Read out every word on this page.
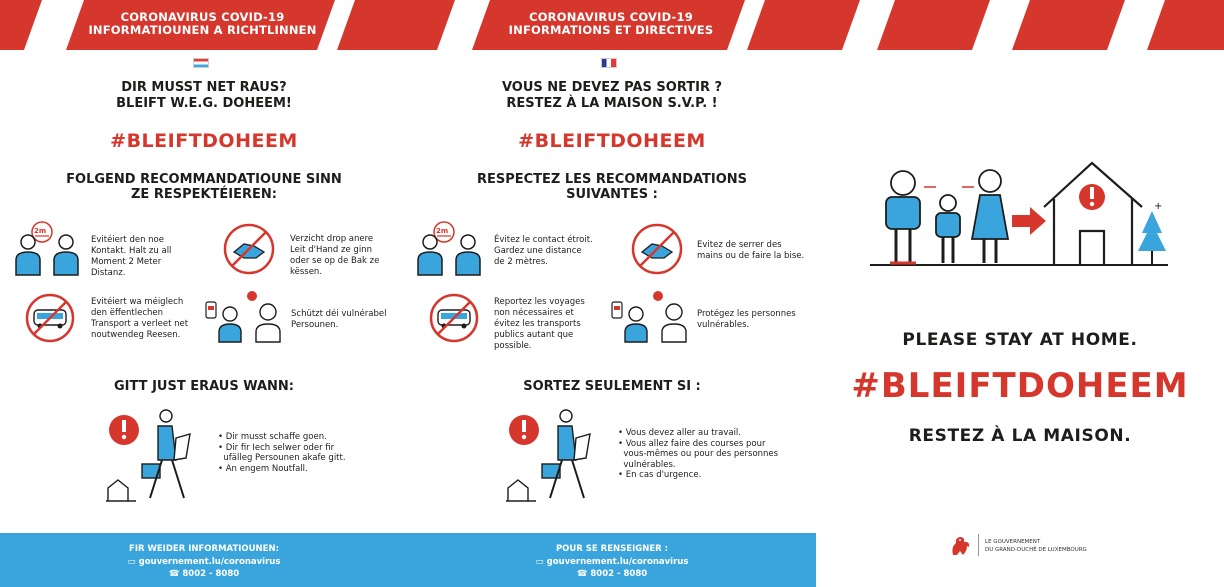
CORONAVIRUS COVID-19
INFORMATIOUNEN A RICHTLINNEN
CORONAVIRUS COVID-19
INFORMATIONS ET DIRECTIVES
DIR MUSST NET RAUS?
BLEIFT W.E.G. DOHEEM!
#BLEIFTDOHEEM
FOLGEND RECOMMANDATIOUNE SINN
ZE RESPEKTÉIEREN:
2m
Evitéiert den noe Kontakt. Halt zu all Moment 2 Meter Distanz.
Verzicht drop anere Leit d'Hand ze ginn oder se op de Bak ze këssen.
Evitéiert wa méiglech den ëffentlechen Transport a verleet net noutwendeg Reesen.
Schützt déi vulnérabel Persounen.
GITT JUST ERAUS WANN:
• Dir musst schaffe goen.
• Dir fir Iech selwer oder fir
ufälleg Persounen akafe gitt.
• An engem Noutfall.
VOUS NE DEVEZ PAS SORTIR ?
RESTEZ À LA MAISON S.V.P. !
#BLEIFTDOHEEM
RESPECTEZ LES RECOMMANDATIONS
SUIVANTES :
2m
Évitez le contact étroit. Gardez une distance de 2 mètres.
Evitez de serrer des mains ou de faire la bise.
Reportez les voyages non nécessaires et évitez les transports publics autant que possible.
Protégez les personnes vulnérables.
SORTEZ SEULEMENT SI :
• Vous devez aller au travail.
• Vous allez faire des courses pour
vous-mêmes ou pour des personnes
vulnérables.
• En cas d'urgence.
FIR WEIDER INFORMATIOUNEN:
▭ gouvernement.lu/coronavirus
☎ 8002 - 8080
POUR SE RENSEIGNER :
▭ gouvernement.lu/coronavirus
☎ 8002 - 8080
+
PLEASE STAY AT HOME.
#BLEIFTDOHEEM
RESTEZ À LA MAISON.
LE GOUVERNEMENT
DU GRAND-DUCHÉ DE LUXEMBOURG
